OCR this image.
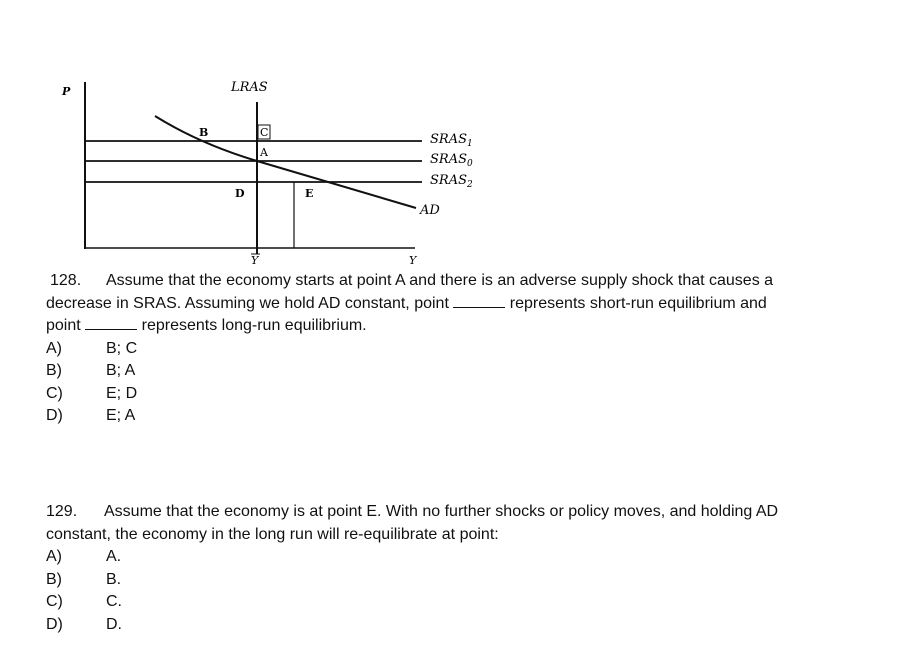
P	LRAS
B	C
A
D	E
$SRAS_1$
$SRAS_0$
$SRAS_2$
AD
Y	Y

128. Assume that the economy starts at point A and there is an adverse supply shock that causes a

decrease in SRAS. Assuming we hold AD constant, point	represents short-run equilibrium and

point	represents long-run equilibrium.

A)	B; C
B)	B; A
C)	E; D
D)	E; A

129. Assume that the economy is at point E. With no further shocks or policy moves, and holding AD

constant, the economy in the long run will re-equilibrate at point:

A)	A.
B)	B.
C)	C.
D)	D.
